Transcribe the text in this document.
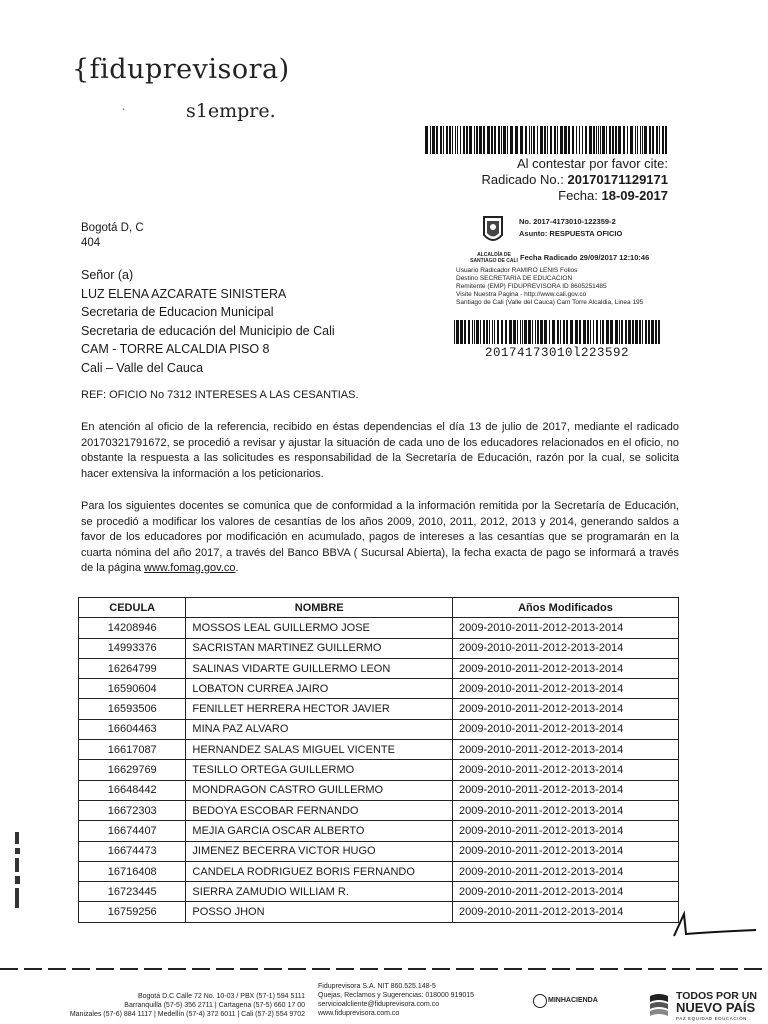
{fiduprevisora)
ˋ	s1empre.
Al contestar por favor cite:
Radicado No.: 20170171129171
Fecha: 18-09-2017
Bogotá D, C
404
Señor (a)
LUZ ELENA AZCARATE SINISTERA
Secretaria de Educacion Municipal
Secretaria de educación del Municipio de Cali
CAM - TORRE ALCALDIA PISO 8
Cali – Valle del Cauca
ALCALDÍA DE
SANTIAGO DE CALI
No. 2017-4173010-122359-2
Asunto: RESPUESTA OFICIO
Fecha Radicado 29/09/2017 12:10:46
Usuario Radicador RAMIRO LENIS Folios
Destino SECRETARIA DE EDUCACION
Remitente (EMP) FIDUPREVISORA ID 8605251485
Visite Nuestra Pagina - http://www.cali.gov.co
Santiago de Cali (Valle del Cauca) Cam Torre Alcaldia, Linea 195
20174173010l223592
REF: OFICIO No 7312 INTERESES A LAS CESANTIAS.
En atención al oficio de la referencia, recibido en éstas dependencias el día 13 de julio de 2017, mediante el radicado 20170321791672, se procedió a revisar y ajustar la situación de cada uno de los educadores relacionados en el oficio, no obstante la respuesta a las solicitudes es responsabilidad de la Secretaría de Educación, razón por la cual, se solicita hacer extensiva la información a los peticionarios.
Para los siguientes docentes se comunica que de conformidad a la información remitida por la Secretaría de Educación, se procedió a modificar los valores de cesantías de los años 2009, 2010, 2011, 2012, 2013 y 2014, generando saldos a favor de los educadores por modificación en acumulado, pagos de intereses a las cesantías que se programarán en la cuarta nómina del año 2017, a través del Banco BBVA ( Sucursal Abierta), la fecha exacta de pago se informará a través de la página www.fomag.gov.co.
CEDULA	NOMBRE	Años Modificados
14208946	MOSSOS LEAL GUILLERMO JOSE	2009-2010-2011-2012-2013-2014
14993376	SACRISTAN MARTINEZ GUILLERMO	2009-2010-2011-2012-2013-2014
16264799	SALINAS VIDARTE GUILLERMO LEON	2009-2010-2011-2012-2013-2014
16590604	LOBATON CURREA JAIRO	2009-2010-2011-2012-2013-2014
16593506	FENILLET HERRERA HECTOR JAVIER	2009-2010-2011-2012-2013-2014
16604463	MINA PAZ ALVARO	2009-2010-2011-2012-2013-2014
16617087	HERNANDEZ SALAS MIGUEL VICENTE	2009-2010-2011-2012-2013-2014
16629769	TESILLO ORTEGA GUILLERMO	2009-2010-2011-2012-2013-2014
16648442	MONDRAGON CASTRO GUILLERMO	2009-2010-2011-2012-2013-2014
16672303	BEDOYA ESCOBAR FERNANDO	2009-2010-2011-2012-2013-2014
16674407	MEJIA GARCIA OSCAR ALBERTO	2009-2010-2011-2012-2013-2014
16674473	JIMENEZ BECERRA VICTOR HUGO	2009-2010-2011-2012-2013-2014
16716408	CANDELA RODRIGUEZ BORIS FERNANDO	2009-2010-2011-2012-2013-2014
16723445	SIERRA ZAMUDIO WILLIAM R.	2009-2010-2011-2012-2013-2014
16759256	POSSO JHON	2009-2010-2011-2012-2013-2014
Bogotá D.C Calle 72 No. 10-03 / PBX (57-1) 594 5111
Barranquilla (57-5) 356 2711 | Cartagena (57-5) 660 17 00
Manizales (57-6) 884 1117 | Medellín (57-4) 372 6011 | Cali (57-2) 554 9702
Fiduprevisora S.A. NIT 860.525.148-5
Quejas, Reclamos y Sugerencias: 018000 919015
servicioalcliente@fiduprevisora.com.co
www.fiduprevisora.com.co
MINHACIENDA	TODOS POR UN
NUEVO PAÍS
PAZ EQUIDAD EDUCACIÓN
